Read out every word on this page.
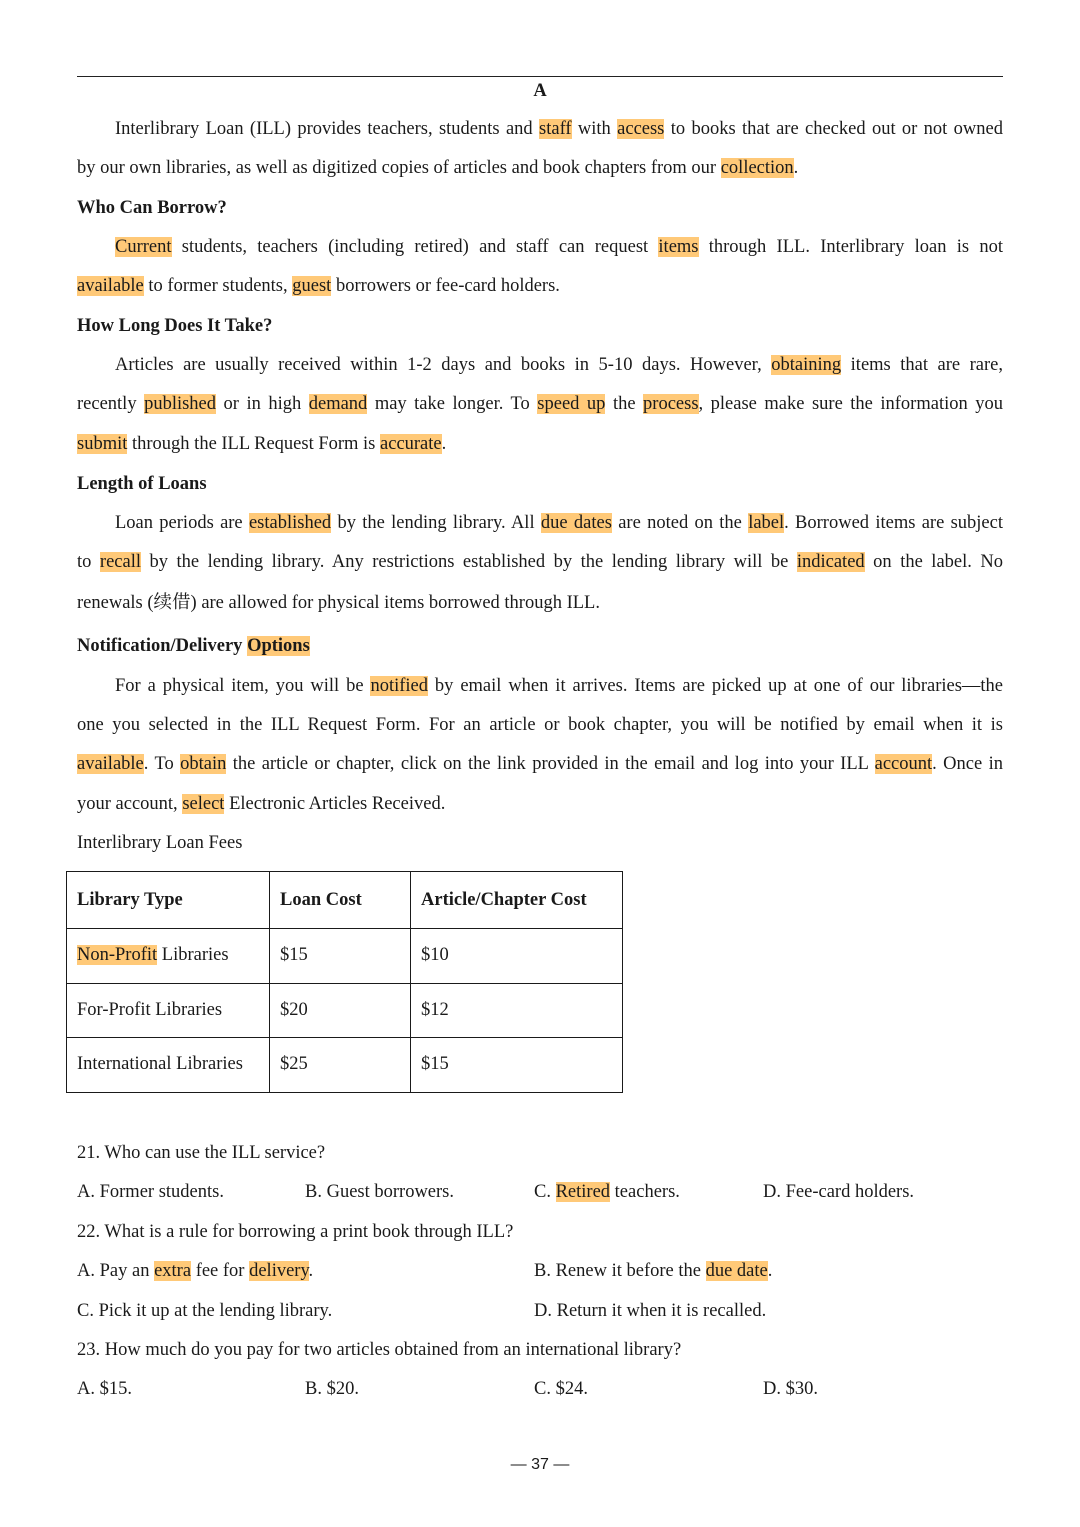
A
Interlibrary Loan (ILL) provides teachers, students and staff with access to books that are checked out or not owned
by our own libraries, as well as digitized copies of articles and book chapters from our collection.
Who Can Borrow?
Current students, teachers (including retired) and staff can request items through ILL. Interlibrary loan is not
available to former students, guest borrowers or fee-card holders.
How Long Does It Take?
Articles are usually received within 1-2 days and books in 5-10 days. However, obtaining items that are rare,
recently published or in high demand may take longer. To speed up the process, please make sure the information you
submit through the ILL Request Form is accurate.
Length of Loans
Loan periods are established by the lending library. All due dates are noted on the label. Borrowed items are subject
to recall by the lending library. Any restrictions established by the lending library will be indicated on the label. No
renewals (续借) are allowed for physical items borrowed through ILL.
Notification/Delivery Options
For a physical item, you will be notified by email when it arrives. Items are picked up at one of our libraries—the
one you selected in the ILL Request Form. For an article or book chapter, you will be notified by email when it is
available. To obtain the article or chapter, click on the link provided in the email and log into your ILL account. Once in
your account, select Electronic Articles Received.
Interlibrary Loan Fees
Library Type	Loan Cost	Article/Chapter Cost
Non-Profit Libraries	$15	$10
For-Profit Libraries	$20	$12
International Libraries	$25	$15
21. Who can use the ILL service?
A. Former students.	B. Guest borrowers.	C. Retired teachers.	D. Fee-card holders.
22. What is a rule for borrowing a print book through ILL?
A. Pay an extra fee for delivery.	B. Renew it before the due date.
C. Pick it up at the lending library.	D. Return it when it is recalled.
23. How much do you pay for two articles obtained from an international library?
A. $15.	B. $20.	C. $24.	D. $30.
— 37 —
